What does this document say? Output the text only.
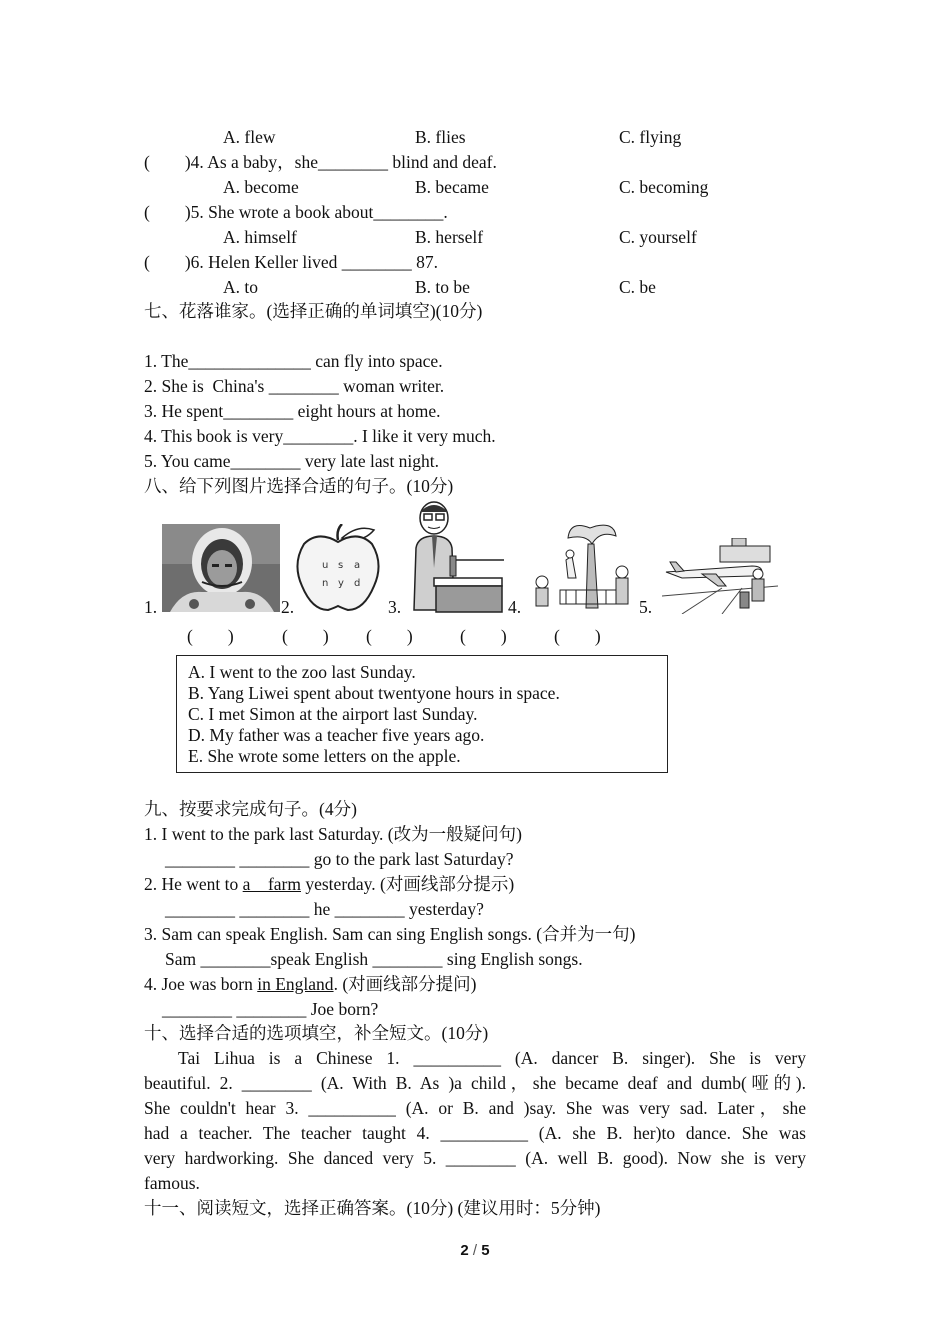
A. flew	B. flies	C. flying
(        )4. As a baby，she________ blind and deaf.
A. become	B. became	C. becoming
(        )5. She wrote a book about________.
A. himself	B. herself	C. yourself
(        )6. Helen Keller lived ________ 87.
A. to	B. to be	C. be
七、花落谁家。(选择正确的单词填空)(10分)
1. The______________ can fly into space.
2. She is  China's ________ woman writer.
3. He spent________ eight hours at home.
4. This book is very________. I like it very much.
5. You came________ very late last night.
八、给下列图片选择合适的句子。(10分)
1.	2.	3.	4.	5.
u s a
n y d
(        )	(        ) (        )	(        )	(        )
A. I went to the zoo last Sunday.
B. Yang Liwei spent about twentyone hours in space.
C. I met Simon at the airport last Sunday.
D. My father was a teacher five years ago.
E. She wrote some letters on the apple.
九、按要求完成句子。(4分)
1. I went to the park last Saturday. (改为一般疑问句)
________ ________ go to the park last Saturday?
2. He went to a    farm yesterday. (对画线部分提示)
________ ________ he ________ yesterday?
3. Sam can speak English. Sam can sing English songs. (合并为一句)
Sam ________speak English ________ sing English songs.
4. Joe was born in England. (对画线部分提问)
________ ________ Joe born?
十、选择合适的选项填空，补全短文。(10分)

Tai Lihua is a Chinese 1. __________ (A. dancer B. singer). She is very

beautiful. 2. ________ (A. With B. As )a child，she became deaf and dumb(哑的).

She couldn't hear 3. __________ (A. or B. and )say. She was very sad. Later，she

had a teacher. The teacher taught 4. __________ (A. she B. her)to dance. She was

very hardworking. She danced very 5. ________ (A. well B. good). Now she is very

famous.

十一、阅读短文，选择正确答案。(10分) (建议用时：5分钟)
2 / 5
